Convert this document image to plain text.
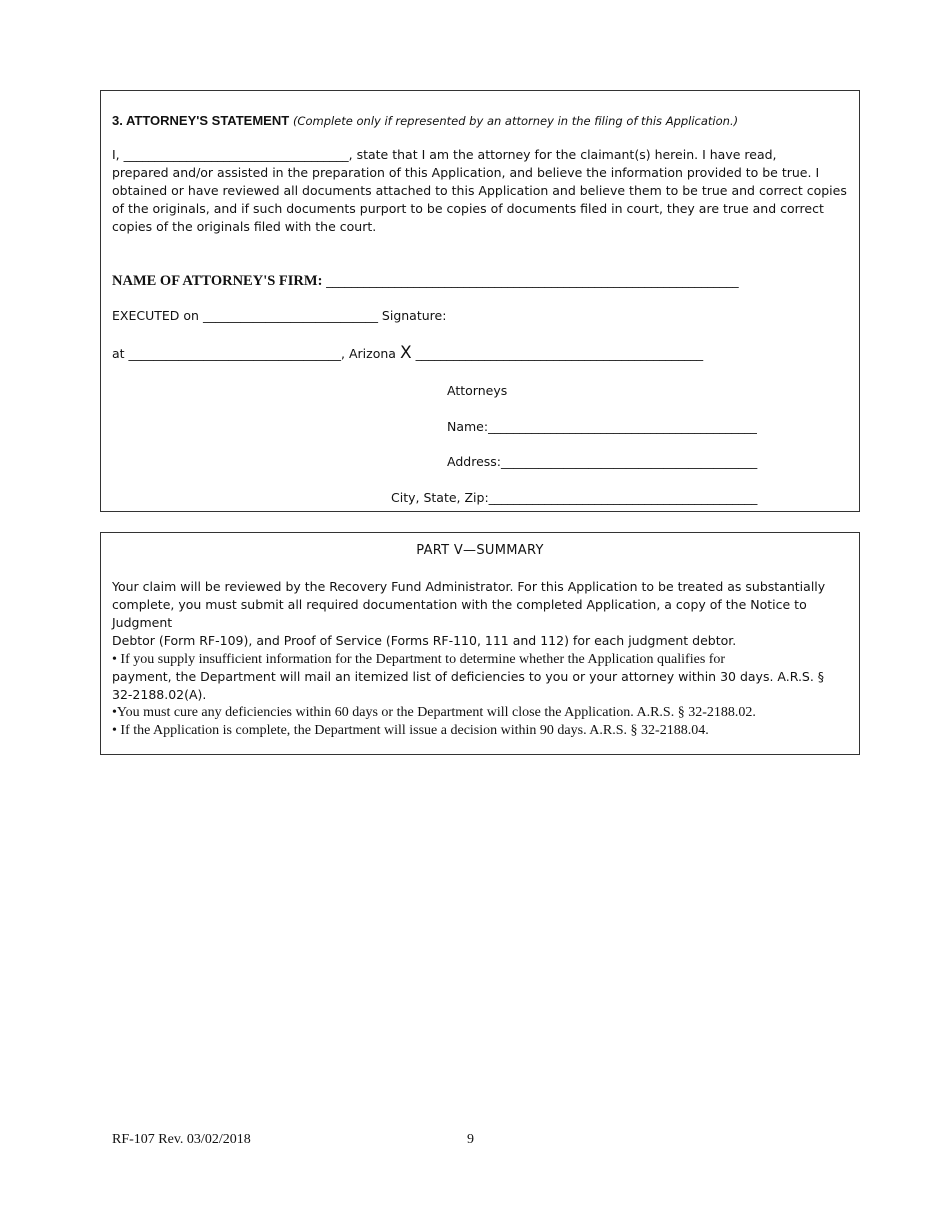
3. ATTORNEY'S STATEMENT (Complete only if represented by an attorney in the filing of this Application.)
I, ____________________________________, state that I am the attorney for the claimant(s) herein. I have read,
prepared and/or assisted in the preparation of this Application, and believe the information provided to be true. I
obtained or have reviewed all documents attached to this Application and believe them to be true and correct copies
of the originals, and if such documents purport to be copies of documents filed in court, they are true and correct
copies of the originals filed with the court.
NAME OF ATTORNEY'S FIRM: __________________________________________________________________
EXECUTED on ____________________________ Signature:
at __________________________________, Arizona X ______________________________________________
Attorneys
Name:___________________________________________
Address:_________________________________________
City, State, Zip:___________________________________________
PART V—SUMMARY
Your claim will be reviewed by the Recovery Fund Administrator. For this Application to be treated as substantially
complete, you must submit all required documentation with the completed Application, a copy of the Notice to
Judgment
Debtor (Form RF-109), and Proof of Service (Forms RF-110, 111 and 112) for each judgment debtor.
• If you supply insufficient information for the Department to determine whether the Application qualifies for
payment, the Department will mail an itemized list of deficiencies to you or your attorney within 30 days. A.R.S. §
32-2188.02(A).
•You must cure any deficiencies within 60 days or the Department will close the Application. A.R.S. § 32-2188.02.
• If the Application is complete, the Department will issue a decision within 90 days. A.R.S. § 32-2188.04.
RF-107 Rev. 03/02/2018	9
